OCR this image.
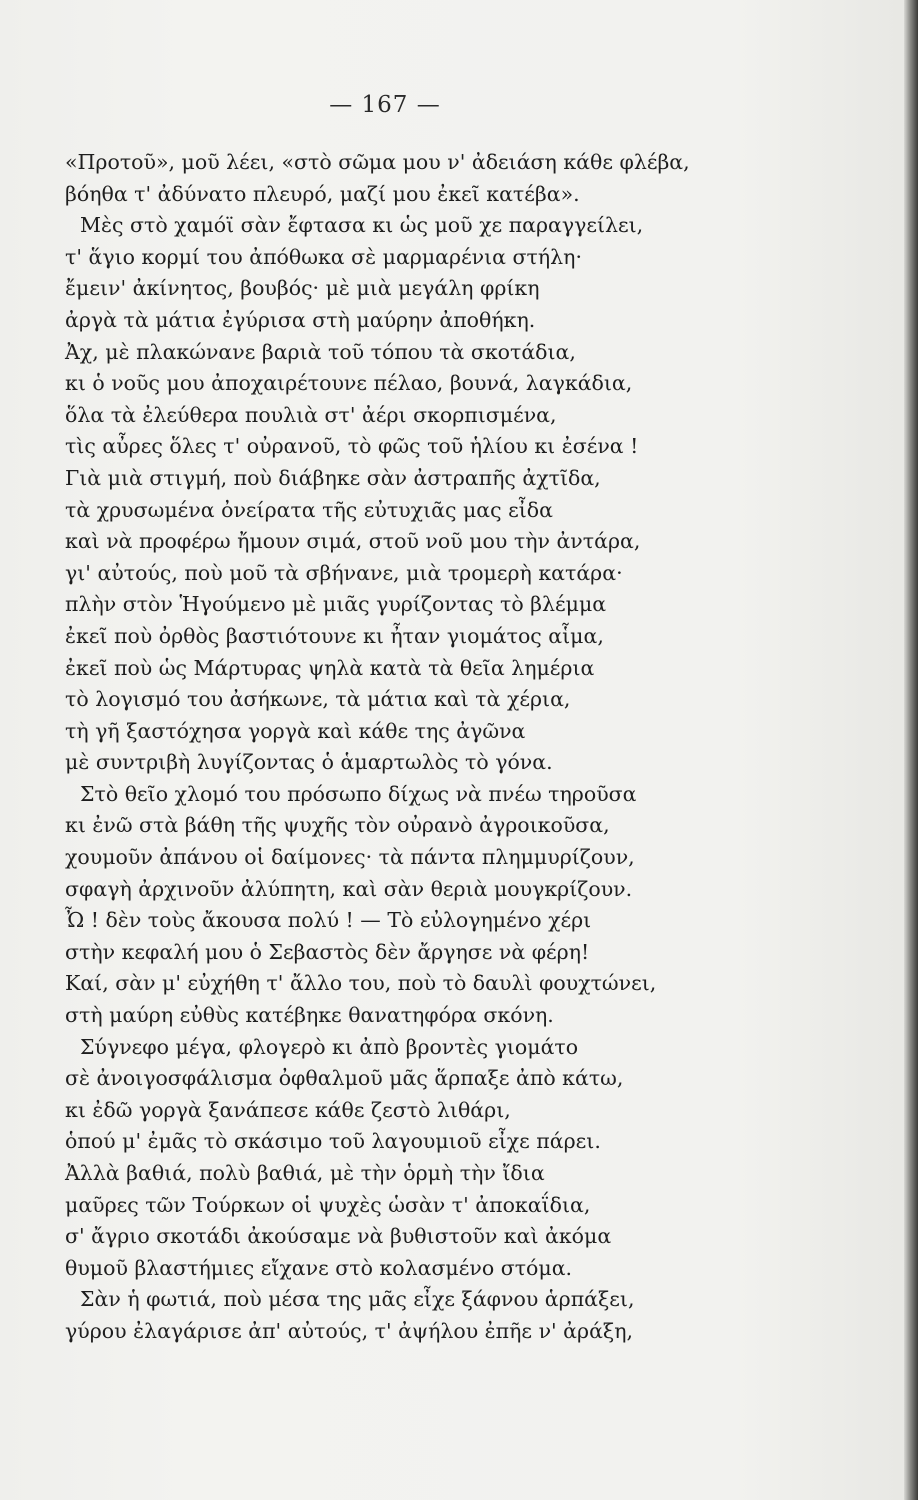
— 167 —
«Προτοῦ», μοῦ λέει, «στὸ σῶμα μου ν' ἀδειάση κάθε φλέβα,
βόηθα τ' ἀδύνατο πλευρό, μαζί μου ἐκεῖ κατέβα».
Μὲς στὸ χαμόϊ σὰν ἔφτασα κι ὡς μοῦ χε παραγγείλει,
τ' ἅγιο κορμί του ἀπόθωκα σὲ μαρμαρένια στήλη·
ἔμειν' ἀκίνητος, βουβός· μὲ μιὰ μεγάλη φρίκη
ἀργὰ τὰ μάτια ἐγύρισα στὴ μαύρην ἀποθήκη.
Ἀχ, μὲ πλακώνανε βαριὰ τοῦ τόπου τὰ σκοτάδια,
κι ὁ νοῦς μου ἀποχαιρέτουνε πέλαο, βουνά, λαγκάδια,
ὅλα τὰ ἐλεύθερα πουλιὰ στ' ἀέρι σκορπισμένα,
τὶς αὖρες ὅλες τ' οὐρανοῦ, τὸ φῶς τοῦ ἡλίου κι ἐσένα !
Γιὰ μιὰ στιγμή, ποὺ διάβηκε σὰν ἀστραπῆς ἀχτῖδα,
τὰ χρυσωμένα ὀνείρατα τῆς εὐτυχιᾶς μας εἶδα
καὶ νὰ προφέρω ἤμουν σιμά, στοῦ νοῦ μου τὴν ἀντάρα,
γι' αὐτούς, ποὺ μοῦ τὰ σβήνανε, μιὰ τρομερὴ κατάρα·
πλὴν στὸν Ἡγούμενο μὲ μιᾶς γυρίζοντας τὸ βλέμμα
ἐκεῖ ποὺ ὀρθὸς βαστιότουνε κι ἦταν γιομάτος αἷμα,
ἐκεῖ ποὺ ὡς Μάρτυρας ψηλὰ κατὰ τὰ θεῖα λημέρια
τὸ λογισμό του ἀσήκωνε, τὰ μάτια καὶ τὰ χέρια,
τὴ γῆ ξαστόχησα γοργὰ καὶ κάθε της ἀγῶνα
μὲ συντριβὴ λυγίζοντας ὁ ἁμαρτωλὸς τὸ γόνα.
Στὸ θεῖο χλομό του πρόσωπο δίχως νὰ πνέω τηροῦσα
κι ἐνῶ στὰ βάθη τῆς ψυχῆς τὸν οὐρανὸ ἀγροικοῦσα,
χουμοῦν ἀπάνου οἱ δαίμονες· τὰ πάντα πλημμυρίζουν,
σφαγὴ ἀρχινοῦν ἀλύπητη, καὶ σὰν θεριὰ μουγκρίζουν.
Ὦ ! δὲν τοὺς ἄκουσα πολύ ! — Τὸ εὐλογημένο χέρι
στὴν κεφαλή μου ὁ Σεβαστὸς δὲν ἄργησε νὰ φέρη!
Καί, σὰν μ' εὐχήθη τ' ἄλλο του, ποὺ τὸ δαυλὶ φουχτώνει,
στὴ μαύρη εὐθὺς κατέβηκε θανατηφόρα σκόνη.
Σύγνεφο μέγα, φλογερὸ κι ἀπὸ βροντὲς γιομάτο
σὲ ἀνοιγοσφάλισμα ὀφθαλμοῦ μᾶς ἅρπαξε ἀπὸ κάτω,
κι ἐδῶ γοργὰ ξανάπεσε κάθε ζεστὸ λιθάρι,
ὁπού μ' ἐμᾶς τὸ σκάσιμο τοῦ λαγουμιοῦ εἶχε πάρει.
Ἀλλὰ βαθιά, πολὺ βαθιά, μὲ τὴν ὁρμὴ τὴν ἴδια
μαῦρες τῶν Τούρκων οἱ ψυχὲς ὡσὰν τ' ἀποκαΐδια,
σ' ἄγριο σκοτάδι ἀκούσαμε νὰ βυθιστοῦν καὶ ἀκόμα
θυμοῦ βλαστήμιες εἴχανε στὸ κολασμένο στόμα.
Σὰν ἡ φωτιά, ποὺ μέσα της μᾶς εἶχε ξάφνου ἁρπάξει,
γύρου ἐλαγάρισε ἀπ' αὐτούς, τ' ἀψήλου ἐπῆε ν' ἀράξη,
